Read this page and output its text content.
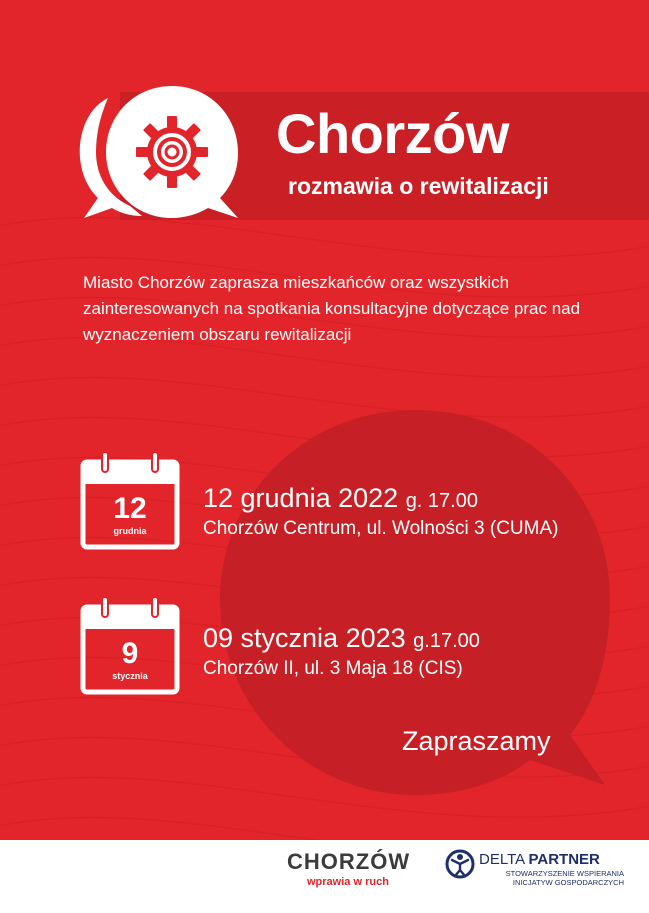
Chorzów
rozmawia o rewitalizacji
Miasto Chorzów zaprasza mieszkańców oraz wszystkich zainteresowanych na spotkania konsultacyjne dotyczące prac nad wyznaczeniem obszaru rewitalizacji
12
grudnia
12 grudnia 2022 g. 17.00
Chorzów Centrum, ul. Wolności 3 (CUMA)
9
stycznia
09 stycznia 2023 g.17.00
Chorzów II, ul. 3 Maja 18 (CIS)
Zapraszamy
CHORZÓW
wprawia w ruch
DELTA PARTNER
STOWARZYSZENIE WSPIERANIA
INICJATYW GOSPODARCZYCH
